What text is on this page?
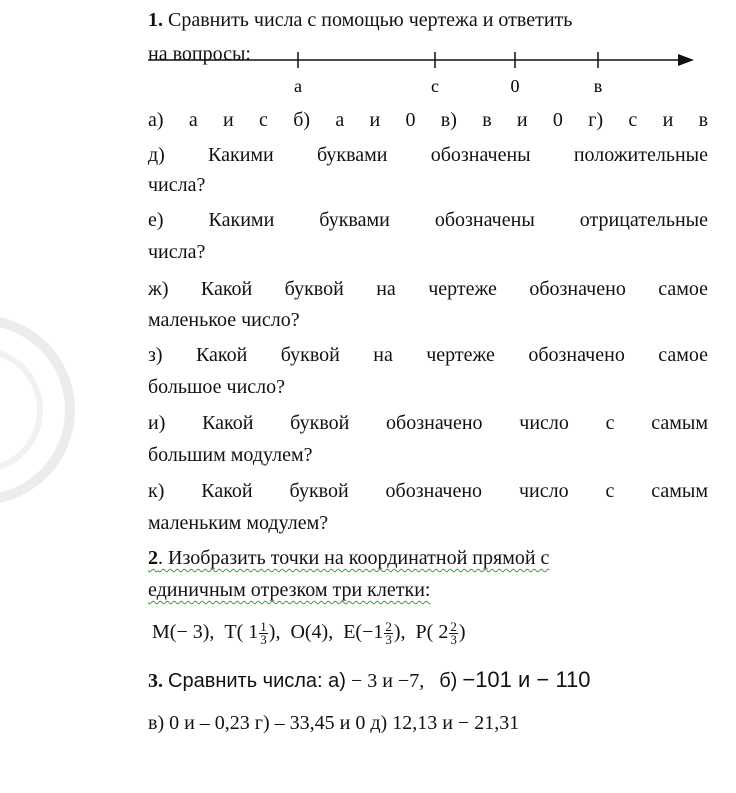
1. Сравнить числа с помощью чертежа и ответить
на вопросы:
а) а и с б) а и 0 в) в и 0 г) с и в
д) Какими буквами обозначены положительные
числа?
е) Какими буквами обозначены отрицательные
числа?
ж) Какой буквой на чертеже обозначено самое
маленькое число?
з) Какой буквой на чертеже обозначено самое
большое число?
и) Какой буквой обозначено число с самым
большим модулем?
к) Какой буквой обозначено число с самым
маленьким модулем?
2. Изобразить точки на координатной прямой с
единичным отрезком три клетки:
М(− 3), Т( $1 \frac{1}{3}$ ), О(4), $Е(-1 \frac{2}{3}$ ), Р( $2 \frac{2}{3}$ )
3. Сравнить числа: а) − 3 и −7, б) −101 и − 110
в) 0 и – 0,23 г) – 33,45 и 0 д) 12,13 и − 21,31
а	с	0	в
